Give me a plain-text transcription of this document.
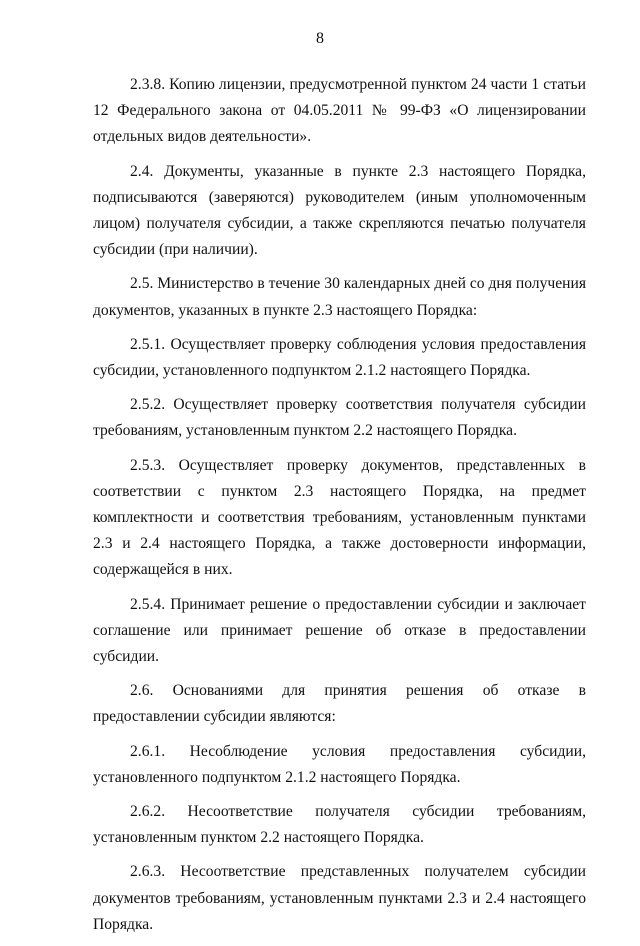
8

2.3.8. Копию лицензии, предусмотренной пунктом 24 части 1 статьи 12 Федерального закона от 04.05.2011 № 99-ФЗ «О лицензировании отдельных видов деятельности».

2.4. Документы, указанные в пункте 2.3 настоящего Порядка, подписываются (заверяются) руководителем (иным уполномоченным лицом) получателя субсидии, а также скрепляются печатью получателя субсидии (при наличии).

2.5. Министерство в течение 30 календарных дней со дня получения документов, указанных в пункте 2.3 настоящего Порядка:

2.5.1. Осуществляет проверку соблюдения условия предоставления субсидии, установленного подпунктом 2.1.2 настоящего Порядка.

2.5.2. Осуществляет проверку соответствия получателя субсидии требованиям, установленным пунктом 2.2 настоящего Порядка.

2.5.3. Осуществляет проверку документов, представленных в соответствии с пунктом 2.3 настоящего Порядка, на предмет комплектности и соответствия требованиям, установленным пунктами 2.3 и 2.4 настоящего Порядка, а также достоверности информации, содержащейся в них.

2.5.4. Принимает решение о предоставлении субсидии и заключает соглашение или принимает решение об отказе в предоставлении субсидии.

2.6. Основаниями для принятия решения об отказе в предоставлении субсидии являются:

2.6.1. Несоблюдение условия предоставления субсидии, установленного подпунктом 2.1.2 настоящего Порядка.

2.6.2. Несоответствие получателя субсидии требованиям, установленным пунктом 2.2 настоящего Порядка.

2.6.3. Несоответствие представленных получателем субсидии документов требованиям, установленным пунктами 2.3 и 2.4 настоящего Порядка.
